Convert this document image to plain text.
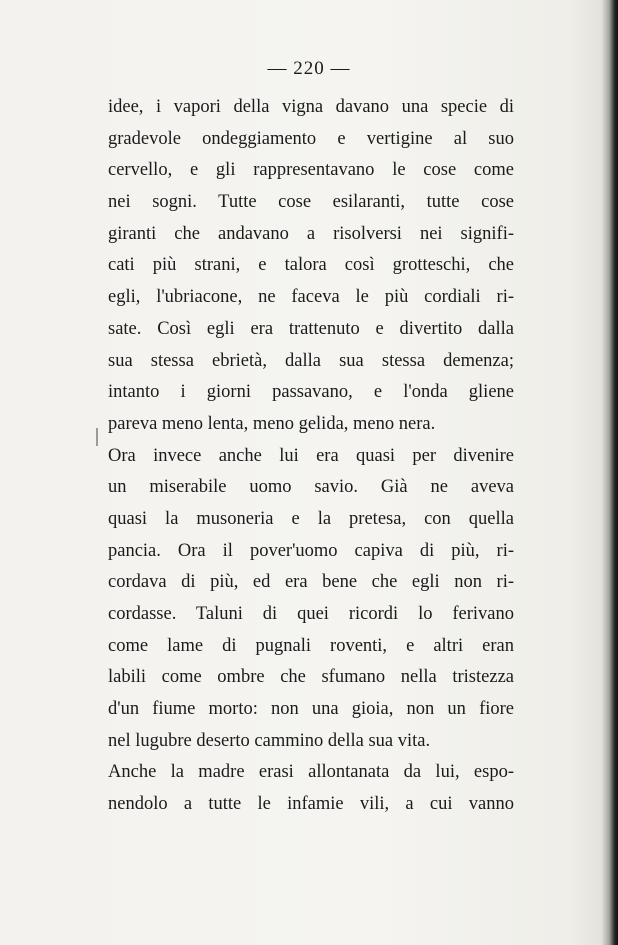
— 220 —
idee, i vapori della vigna davano una specie di
gradevole ondeggiamento e vertigine al suo
cervello, e gli rappresentavano le cose come
nei sogni. Tutte cose esilaranti, tutte cose
giranti che andavano a risolversi nei signifi-
cati più strani, e talora così grotteschi, che
egli, l'ubriacone, ne faceva le più cordiali ri-
sate. Così egli era trattenuto e divertito dalla
sua stessa ebrietà, dalla sua stessa demenza;
intanto i giorni passavano, e l'onda gliene
pareva meno lenta, meno gelida, meno nera.
Ora invece anche lui era quasi per divenire
un miserabile uomo savio. Già ne aveva
quasi la musoneria e la pretesa, con quella
pancia. Ora il pover'uomo capiva di più, ri-
cordava di più, ed era bene che egli non ri-
cordasse. Taluni di quei ricordi lo ferivano
come lame di pugnali roventi, e altri eran
labili come ombre che sfumano nella tristezza
d'un fiume morto: non una gioia, non un fiore
nel lugubre deserto cammino della sua vita.
Anche la madre erasi allontanata da lui, espo-
nendolo a tutte le infamie vili, a cui vanno
